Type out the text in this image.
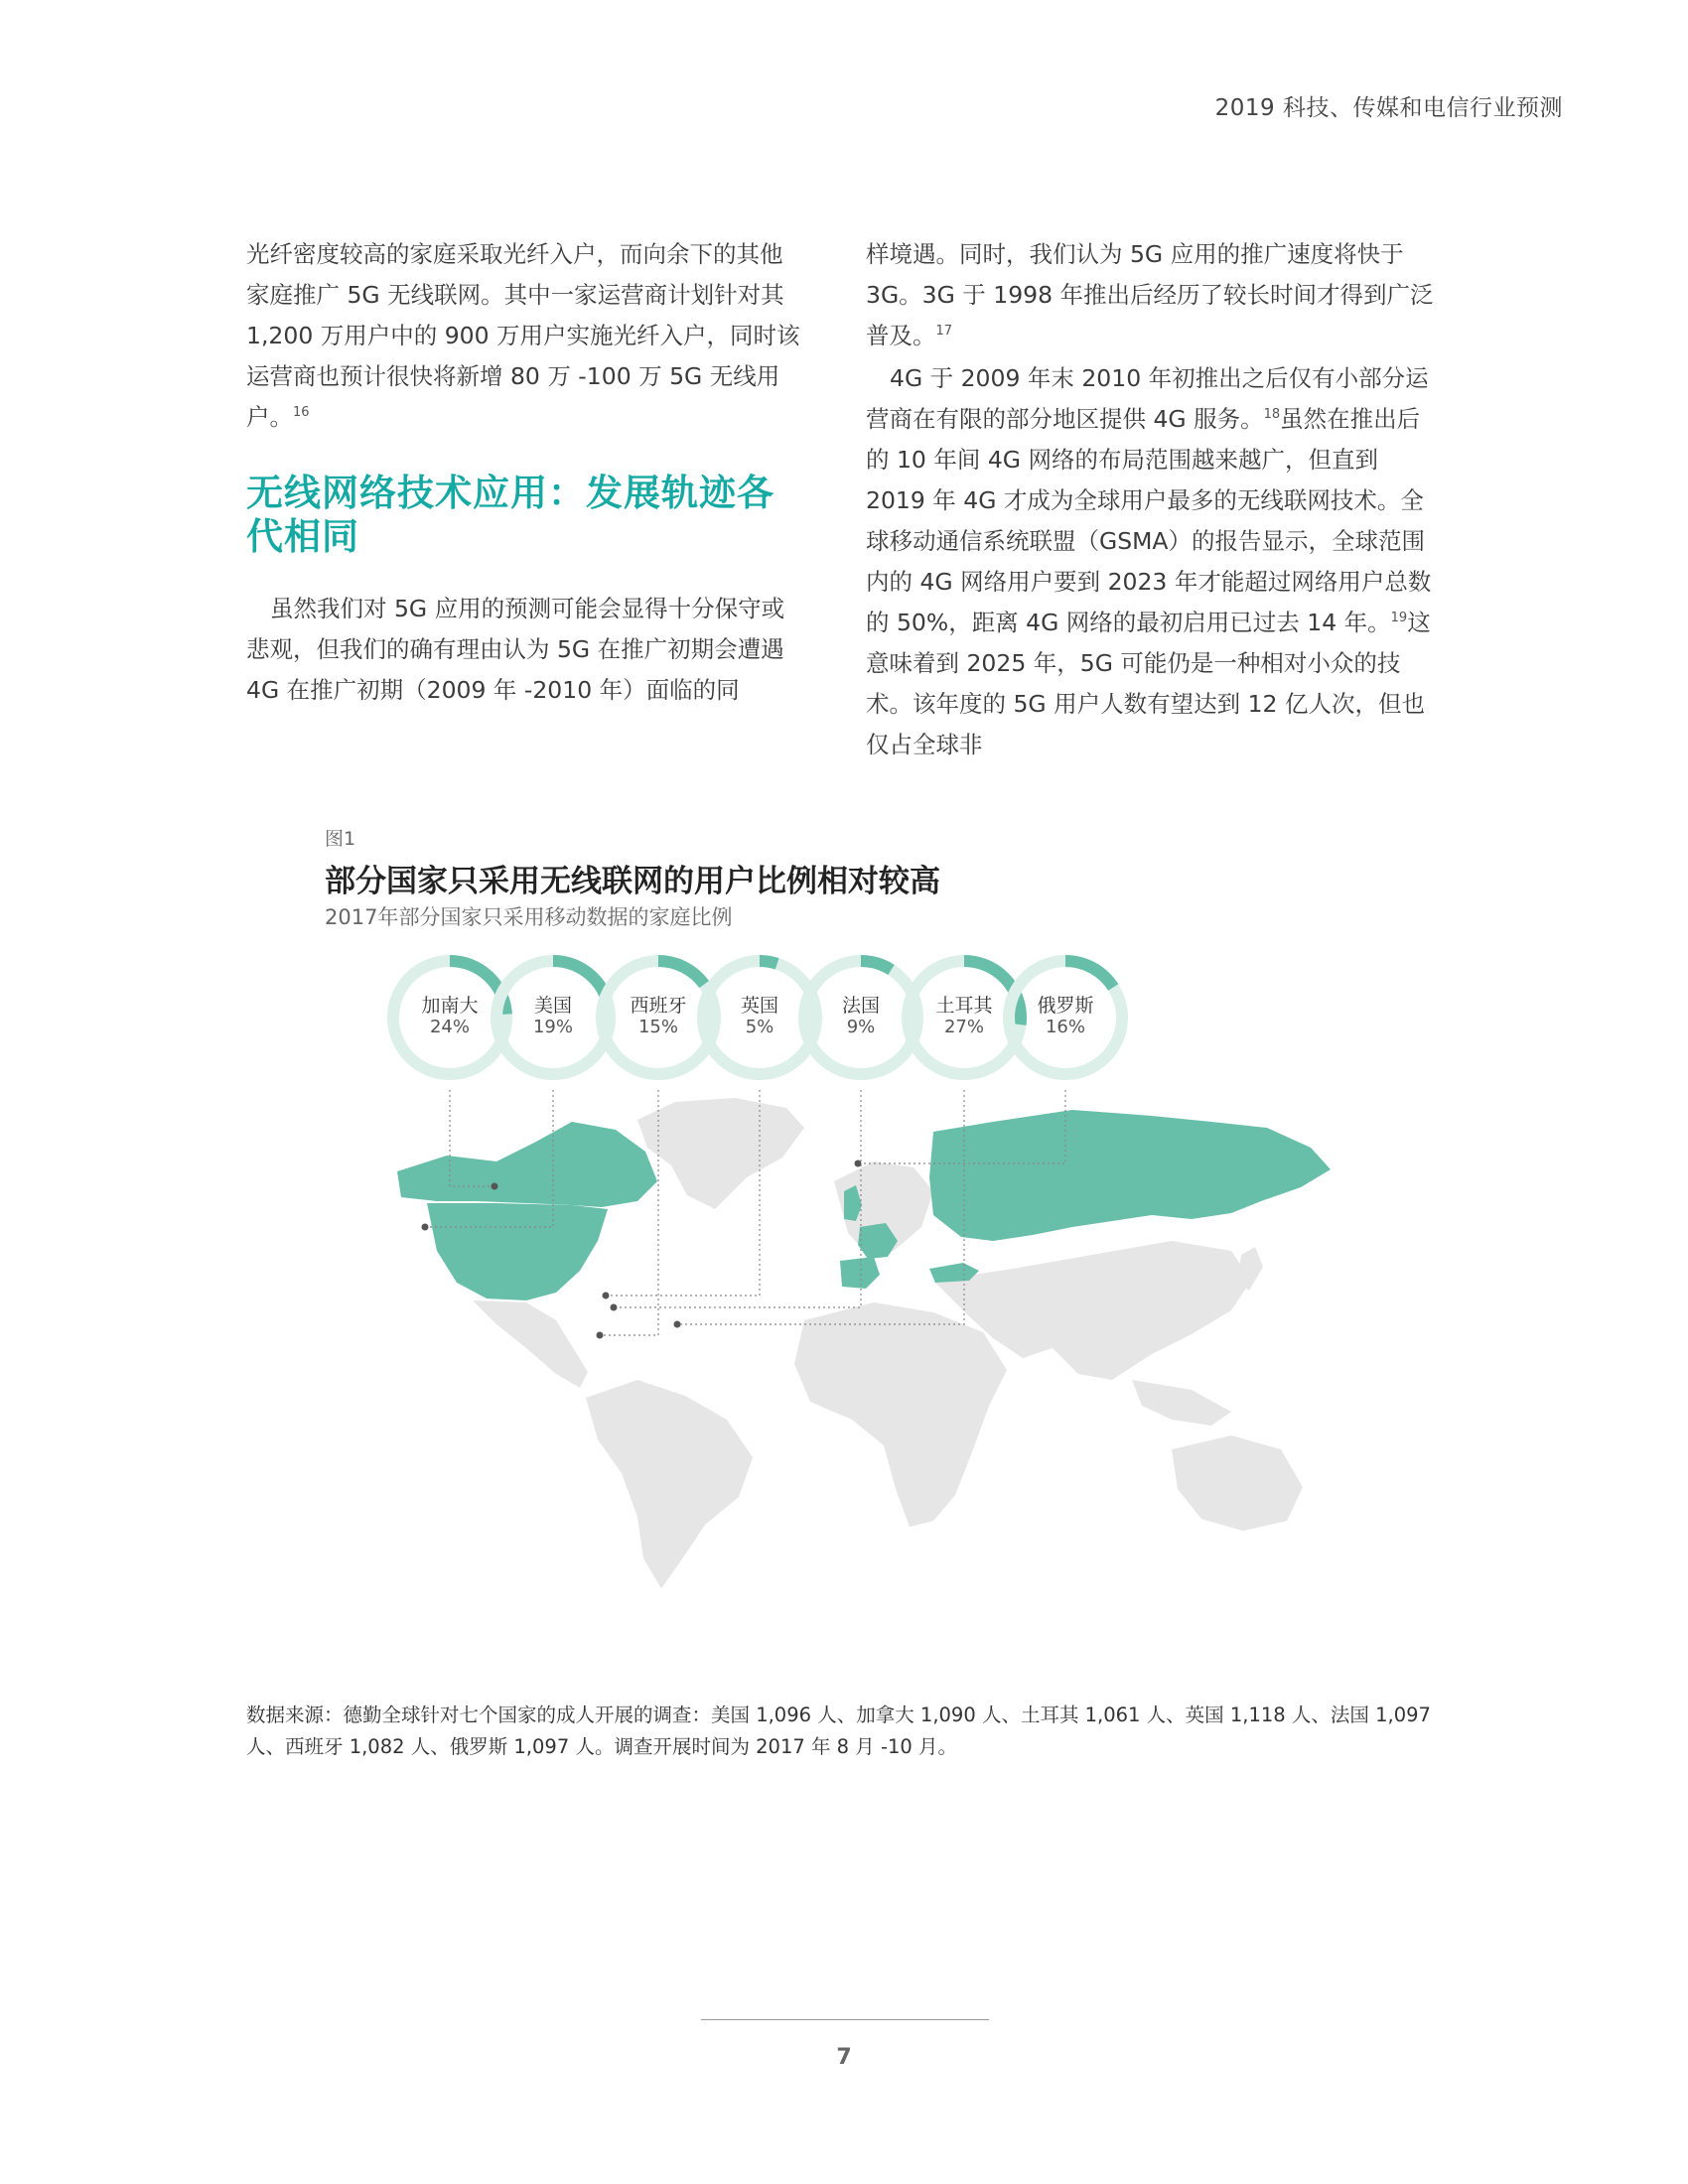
2019 科技、传媒和电信行业预测

光纤密度较高的家庭采取光纤入户，而向余下的其他家庭推广 5G 无线联网。其中一家运营商计划针对其 1,200 万用户中的 900 万用户实施光纤入户，同时该运营商也预计很快将新增 80 万 -100 万 5G 无线用户。$^{16}$

无线网络技术应用：发展轨迹各代相同

虽然我们对 5G 应用的预测可能会显得十分保守或悲观，但我们的确有理由认为 5G 在推广初期会遭遇 4G 在推广初期（2009 年 -2010 年）面临的同

样境遇。同时，我们认为 5G 应用的推广速度将快于 3G。3G 于 1998 年推出后经历了较长时间才得到广泛普及。$^{17}$

4G 于 2009 年末 2010 年初推出之后仅有小部分运营商在有限的部分地区提供 4G 服务。$^{18}$虽然在推出后的 10 年间 4G 网络的布局范围越来越广，但直到 2019 年 4G 才成为全球用户最多的无线联网技术。全球移动通信系统联盟（GSMA）的报告显示，全球范围内的 4G 网络用户要到 2023 年才能超过网络用户总数的 50%，距离 4G 网络的最初启用已过去 14 年。$^{19}$这意味着到 2025 年，5G 可能仍是一种相对小众的技术。该年度的 5G 用户人数有望达到 12 亿人次，但也仅占全球非

图1
部分国家只采用无线联网的用户比例相对较高
2017年部分国家只采用移动数据的家庭比例
加南大
24%
美国
19%
西班牙
15%
英国
5%
法国
9%
土耳其
27%
俄罗斯
16%
数据来源：德勤全球针对七个国家的成人开展的调查：美国 1,096 人、加拿大 1,090 人、土耳其 1,061 人、英国 1,118 人、法国 1,097 人、西班牙 1,082 人、俄罗斯 1,097 人。调查开展时间为 2017 年 8 月 -10 月。
7
